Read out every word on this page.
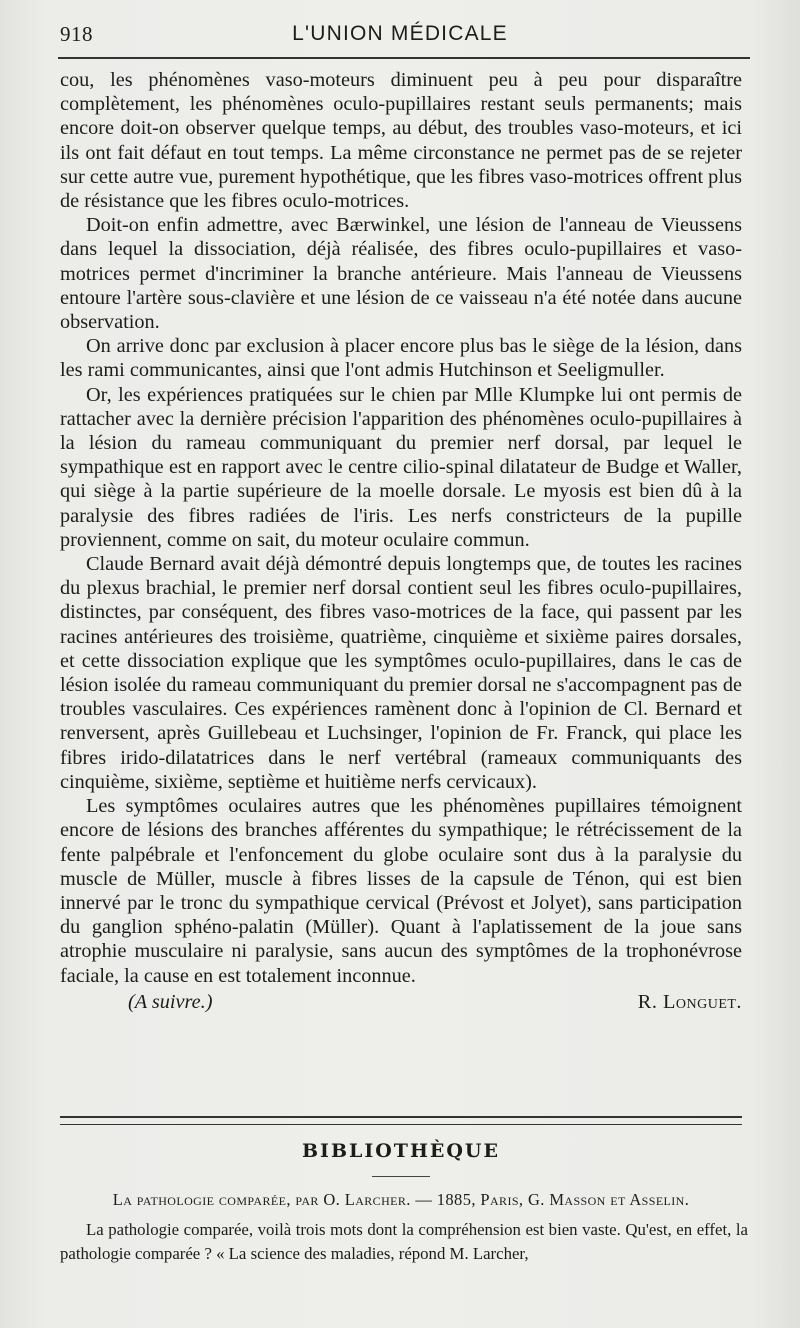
918	L'UNION MÉDICALE

cou, les phénomènes vaso-moteurs diminuent peu à peu pour disparaître complètement, les phénomènes oculo-pupillaires restant seuls permanents; mais encore doit-on observer quelque temps, au début, des troubles vaso-moteurs, et ici ils ont fait défaut en tout temps. La même circonstance ne permet pas de se rejeter sur cette autre vue, purement hypothétique, que les fibres vaso-motrices offrent plus de résistance que les fibres oculo-motrices.

Doit-on enfin admettre, avec Bærwinkel, une lésion de l'anneau de Vieussens dans lequel la dissociation, déjà réalisée, des fibres oculo-pupillaires et vaso-motrices permet d'incriminer la branche antérieure. Mais l'anneau de Vieussens entoure l'artère sous-clavière et une lésion de ce vaisseau n'a été notée dans aucune observation.

On arrive donc par exclusion à placer encore plus bas le siège de la lésion, dans les rami communicantes, ainsi que l'ont admis Hutchinson et Seeligmuller.

Or, les expériences pratiquées sur le chien par Mlle Klumpke lui ont permis de rattacher avec la dernière précision l'apparition des phénomènes oculo-pupillaires à la lésion du rameau communiquant du premier nerf dorsal, par lequel le sympathique est en rapport avec le centre cilio-spinal dilatateur de Budge et Waller, qui siège à la partie supérieure de la moelle dorsale. Le myosis est bien dû à la paralysie des fibres radiées de l'iris. Les nerfs constricteurs de la pupille proviennent, comme on sait, du moteur oculaire commun.

Claude Bernard avait déjà démontré depuis longtemps que, de toutes les racines du plexus brachial, le premier nerf dorsal contient seul les fibres oculo-pupillaires, distinctes, par conséquent, des fibres vaso-motrices de la face, qui passent par les racines antérieures des troisième, quatrième, cinquième et sixième paires dorsales, et cette dissociation explique que les symptômes oculo-pupillaires, dans le cas de lésion isolée du rameau communiquant du premier dorsal ne s'accompagnent pas de troubles vasculaires. Ces expériences ramènent donc à l'opinion de Cl. Bernard et renversent, après Guillebeau et Luchsinger, l'opinion de Fr. Franck, qui place les fibres irido-dilatatrices dans le nerf vertébral (rameaux communiquants des cinquième, sixième, septième et huitième nerfs cervicaux).

Les symptômes oculaires autres que les phénomènes pupillaires témoignent encore de lésions des branches afférentes du sympathique; le rétrécissement de la fente palpébrale et l'enfoncement du globe oculaire sont dus à la paralysie du muscle de Müller, muscle à fibres lisses de la capsule de Ténon, qui est bien innervé par le tronc du sympathique cervical (Prévost et Jolyet), sans participation du ganglion sphéno-palatin (Müller). Quant à l'aplatissement de la joue sans atrophie musculaire ni paralysie, sans aucun des symptômes de la trophonévrose faciale, la cause en est totalement inconnue.

(A suivre.)	R. Longuet.
BIBLIOTHÈQUE
La pathologie comparée, par O. Larcher. — 1885, Paris, G. Masson et Asselin.

La pathologie comparée, voilà trois mots dont la compréhension est bien vaste. Qu'est, en effet, la pathologie comparée ? « La science des maladies, répond M. Larcher,
